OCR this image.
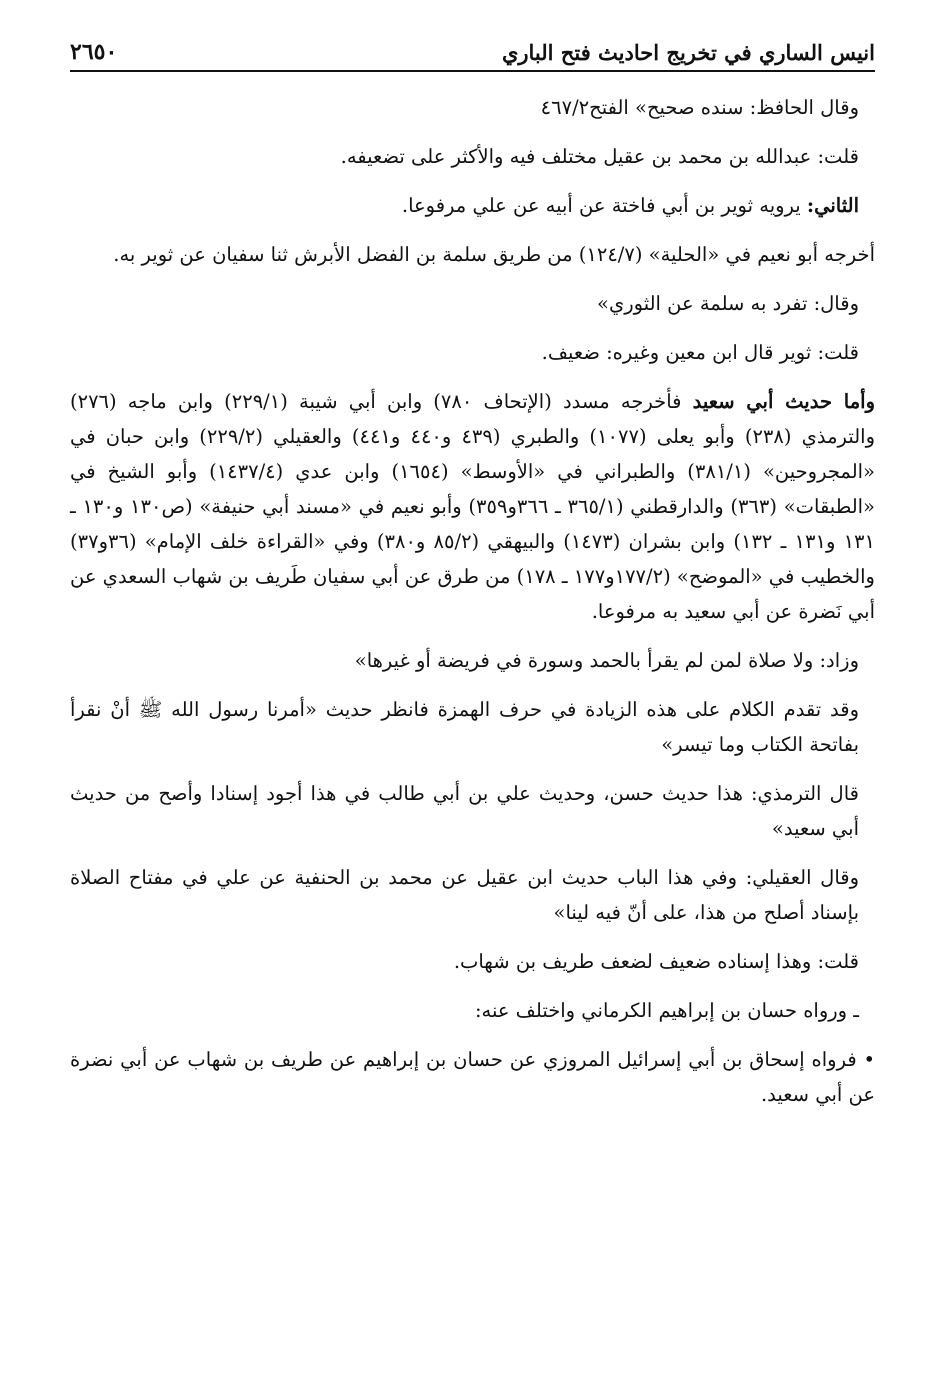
انيس الساري في تخريج احاديث فتح الباري
٢٦٥٠

وقال الحافظ: سنده صحيح» الفتح٤٦٧/٢

قلت: عبدالله بن محمد بن عقيل مختلف فيه والأكثر على تضعيفه.

الثاني: يرويه ثوير بن أبي فاختة عن أبيه عن علي مرفوعا.

أخرجه أبو نعيم في «الحلية» (١٢٤/٧) من طريق سلمة بن الفضل الأبرش ثنا سفيان عن ثوير به.

وقال: تفرد به سلمة عن الثوري»

قلت: ثوير قال ابن معين وغيره: ضعيف.

وأما حديث أبي سعيد فأخرجه مسدد (الإتحاف ٧٨٠) وابن أبي شيبة (٢٢٩/١) وابن ماجه (٢٧٦) والترمذي (٢٣٨) وأبو يعلى (١٠٧٧) والطبري (٤٣٩ و٤٤٠ و٤٤١) والعقيلي (٢٢٩/٢) وابن حبان في «المجروحين» (٣٨١/١) والطبراني في «الأوسط» (١٦٥٤) وابن عدي (١٤٣٧/٤) وأبو الشيخ في «الطبقات» (٣٦٣) والدارقطني (٣٦٥/١ ـ ٣٦٦و٣٥٩) وأبو نعيم في «مسند أبي حنيفة» (ص١٣٠ و١٣٠ ـ ١٣١ و١٣١ ـ ١٣٢) وابن بشران (١٤٧٣) والبيهقي (٨٥/٢ و٣٨٠) وفي «القراءة خلف الإمام» (٣٦و٣٧) والخطيب في «الموضح» (١٧٧/٢و١٧٧ ـ ١٧٨) من طرق عن أبي سفيان طَريف بن شهاب السعدي عن أبي نَضرة عن أبي سعيد به مرفوعا.

وزاد: ولا صلاة لمن لم يقرأ بالحمد وسورة في فريضة أو غيرها»

وقد تقدم الكلام على هذه الزيادة في حرف الهمزة فانظر حديث «أمرنا رسول الله ﷺ أنْ نقرأ بفاتحة الكتاب وما تيسر»

قال الترمذي: هذا حديث حسن، وحديث علي بن أبي طالب في هذا أجود إسنادا وأصح من حديث أبي سعيد»

وقال العقيلي: وفي هذا الباب حديث ابن عقيل عن محمد بن الحنفية عن علي في مفتاح الصلاة بإسناد أصلح من هذا، على أنّ فيه لينا»

قلت: وهذا إسناده ضعيف لضعف طريف بن شهاب.

ـ ورواه حسان بن إبراهيم الكرماني واختلف عنه:

• فرواه إسحاق بن أبي إسرائيل المروزي عن حسان بن إبراهيم عن طريف بن شهاب عن أبي نضرة عن أبي سعيد.
